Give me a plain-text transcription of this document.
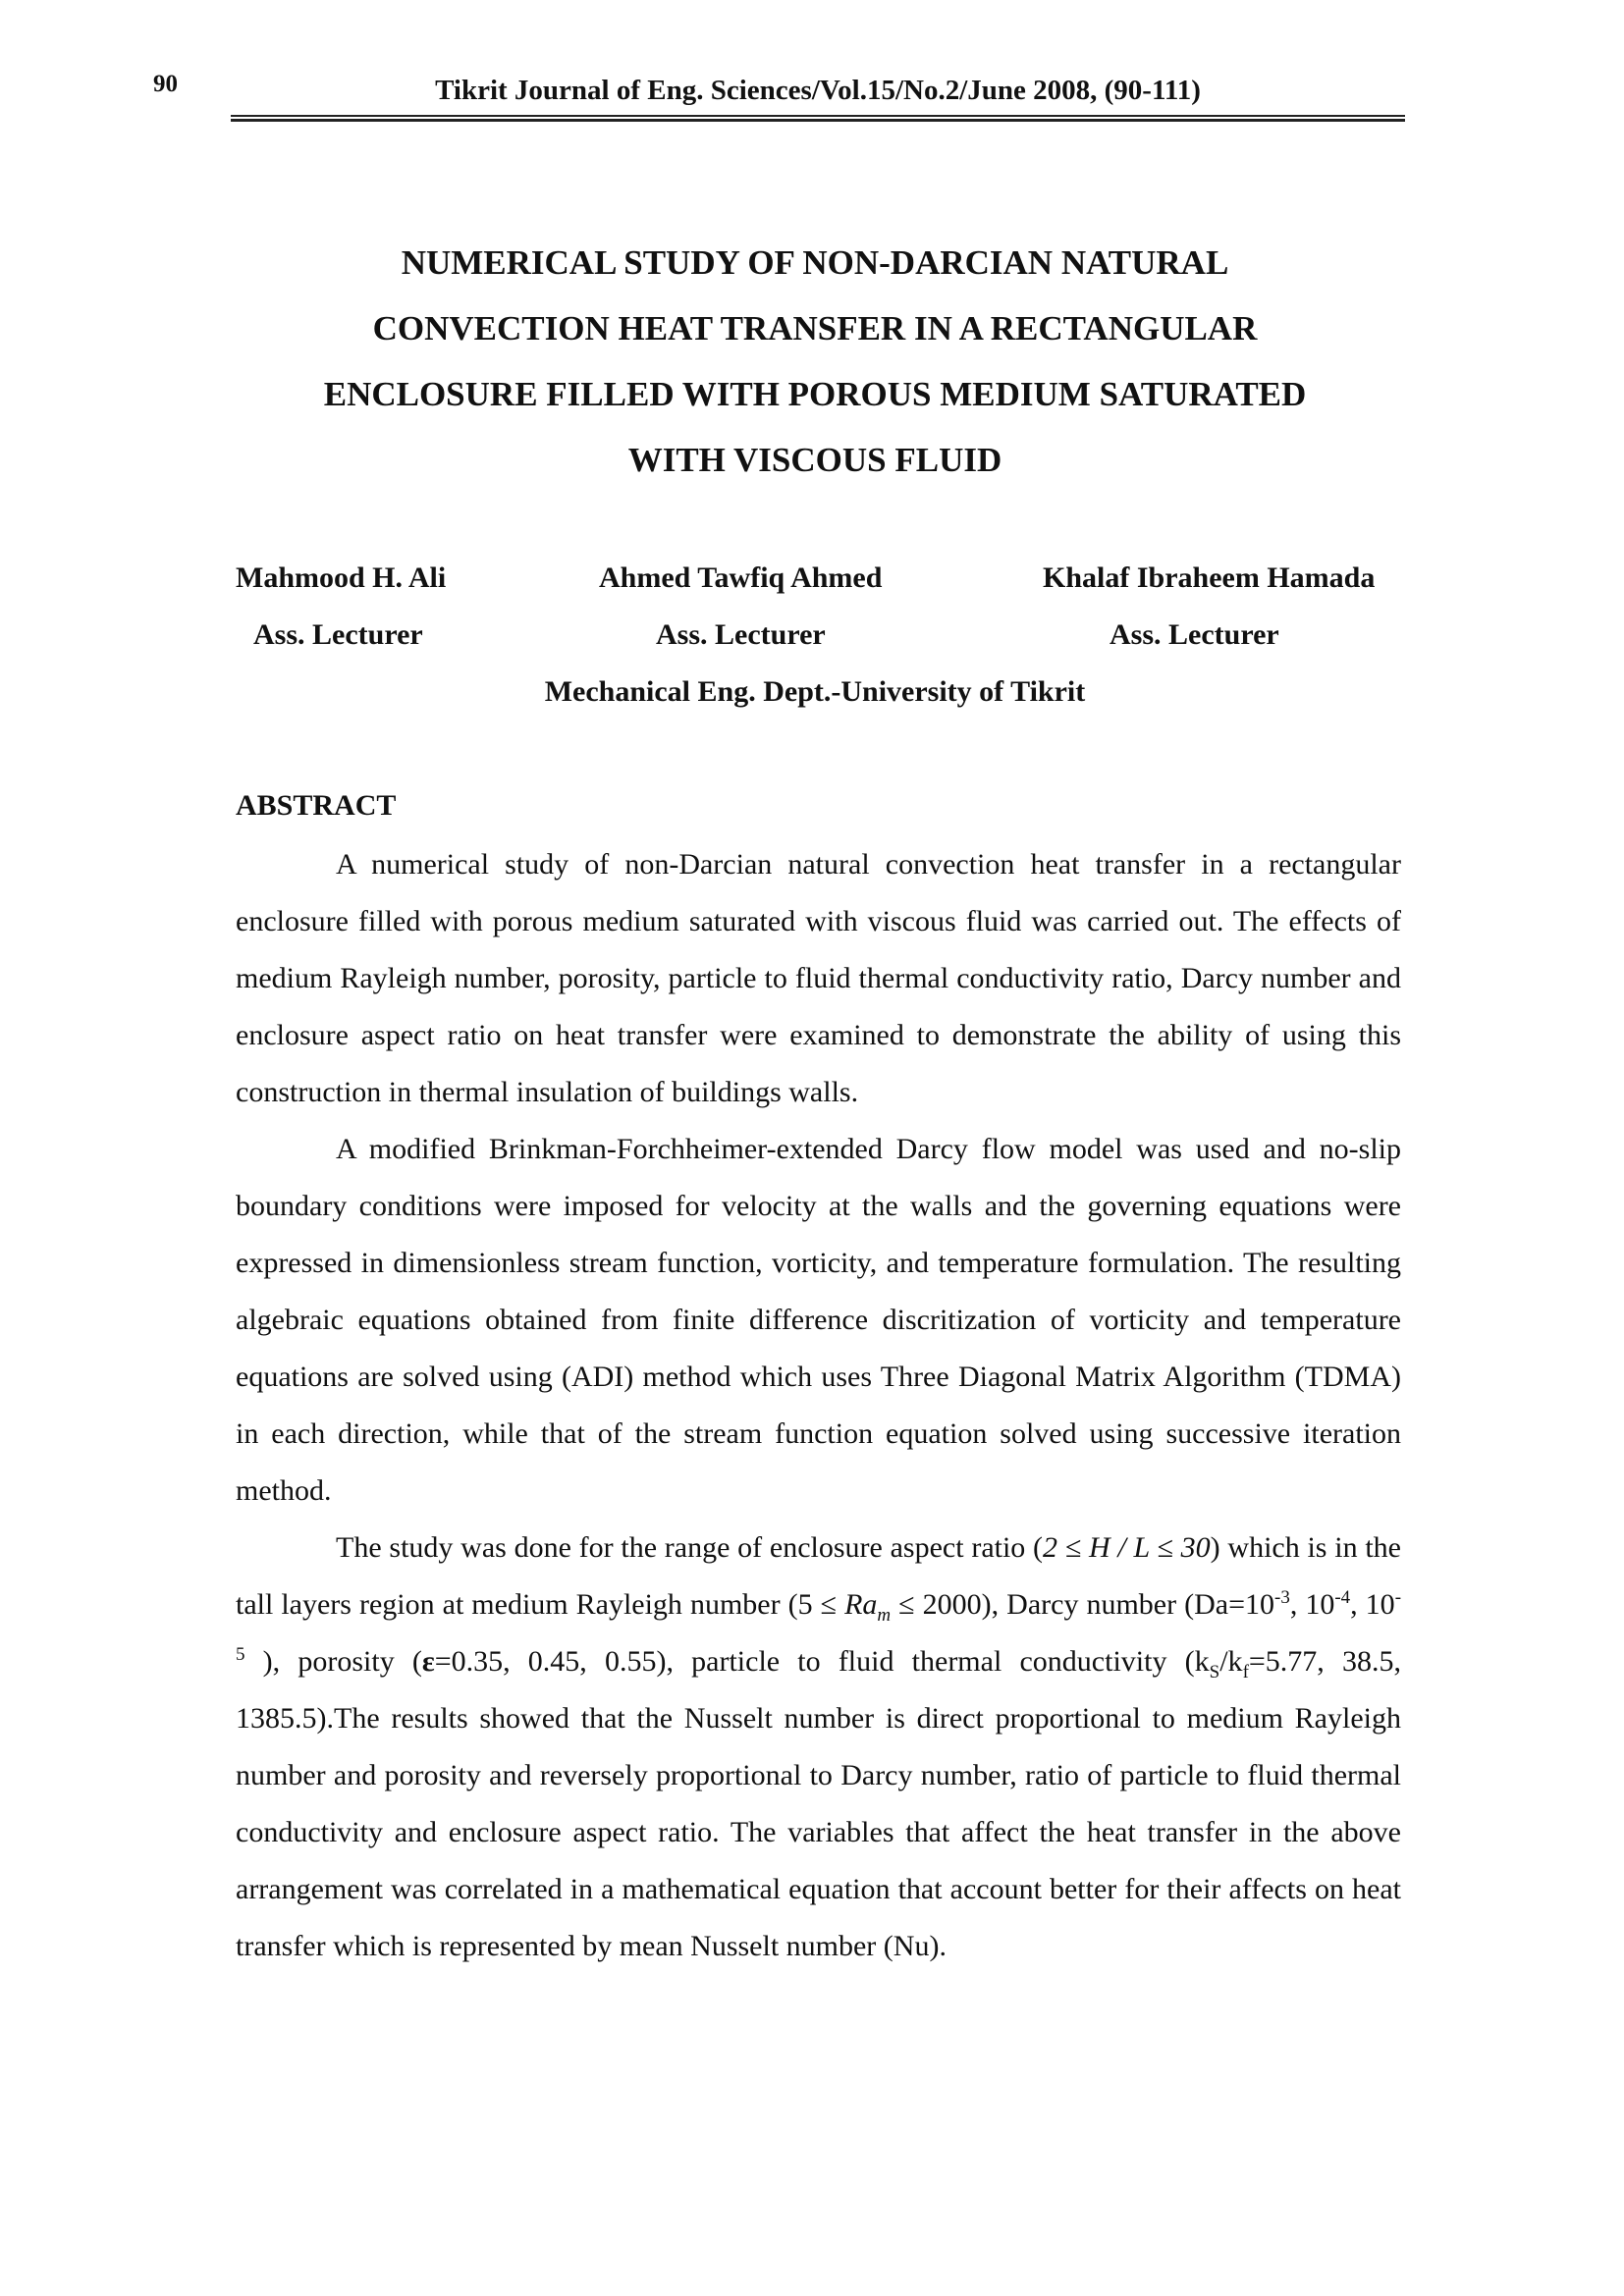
90	Tikrit Journal of Eng. Sciences/Vol.15/No.2/June 2008, (90-111)
NUMERICAL STUDY OF NON-DARCIAN NATURAL
CONVECTION HEAT TRANSFER IN A RECTANGULAR
ENCLOSURE FILLED WITH POROUS MEDIUM SATURATED
WITH VISCOUS FLUID
Mahmood H. Ali	Ahmed Tawfiq Ahmed	Khalaf Ibraheem Hamada
Ass. Lecturer	Ass. Lecturer	Ass. Lecturer
Mechanical Eng. Dept.-University of Tikrit
ABSTRACT

A numerical study of non-Darcian natural convection heat transfer in a rectangular enclosure filled with porous medium saturated with viscous fluid was carried out. The effects of medium Rayleigh number, porosity, particle to fluid thermal conductivity ratio, Darcy number and enclosure aspect ratio on heat transfer were examined to demonstrate the ability of using this construction in thermal insulation of buildings walls.

A modified Brinkman-Forchheimer-extended Darcy flow model was used and no-slip boundary conditions were imposed for velocity at the walls and the governing equations were expressed in dimensionless stream function, vorticity, and temperature formulation. The resulting algebraic equations obtained from finite difference discritization of vorticity and temperature equations are solved using (ADI) method which uses Three Diagonal Matrix Algorithm (TDMA) in each direction, while that of the stream function equation solved using successive iteration method.

The study was done for the range of enclosure aspect ratio (2 ≤ H / L ≤ 30) which is in the tall layers region at medium Rayleigh number $(5 \le Ra_m \le 2000)$, Darcy number ($Da=10^{-3}$, $10^{-4}$, $10^{-5}$ ), porosity (ε=0.35, 0.45, 0.55), particle to fluid thermal conductivity ($k_S/k_f=5.77$, 38.5, 1385.5).The results showed that the Nusselt number is direct proportional to medium Rayleigh number and porosity and reversely proportional to Darcy number, ratio of particle to fluid thermal conductivity and enclosure aspect ratio. The variables that affect the heat transfer in the above arrangement was correlated in a mathematical equation that account better for their affects on heat transfer which is represented by mean Nusselt number (Nu).
